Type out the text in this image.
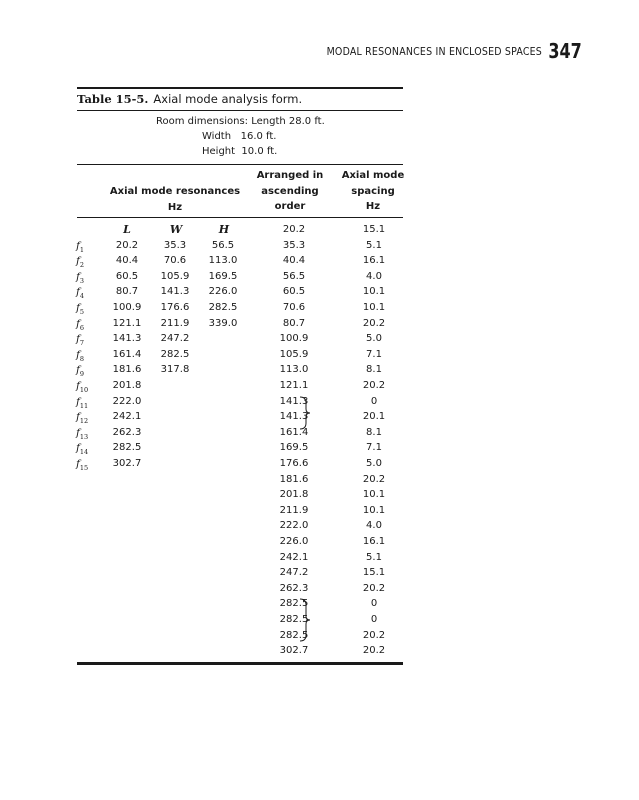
MODAL RESONANCES IN ENCLOSED SPACES 347
Table 15-5. Axial mode analysis form.
Room dimensions: Length 28.0 ft.
Width   16.0 ft.
Height  10.0 ft.
Axial mode resonances
Hz
Arranged in
ascending
order
Axial mode
spacing
Hz
L	W	H
$f_1$
$f_2$
$f_3$
$f_4$
$f_5$
$f_6$
$f_7$
$f_8$
$f_9$
$f_{10}$
$f_{11}$
$f_{12}$
$f_{13}$
$f_{14}$
$f_{15}$
20.2
40.4
60.5
80.7
100.9
121.1
141.3
161.4
181.6
201.8
222.0
242.1
262.3
282.5
302.7
35.3
70.6
105.9
141.3
176.6
211.9
247.2
282.5
317.8
56.5
113.0
169.5
226.0
282.5
339.0
20.2
35.3
40.4
56.5
60.5
70.6
80.7
100.9
105.9
113.0
121.1
141.3
141.3
161.4
169.5
176.6
181.6
201.8
211.9
222.0
226.0
242.1
247.2
262.3
282.5
282.5
282.5
302.7
15.1
5.1
16.1
4.0
10.1
10.1
20.2
5.0
7.1
8.1
20.2
0
20.1
8.1
7.1
5.0
20.2
10.1
10.1
4.0
16.1
5.1
15.1
20.2
0
0
20.2
20.2
